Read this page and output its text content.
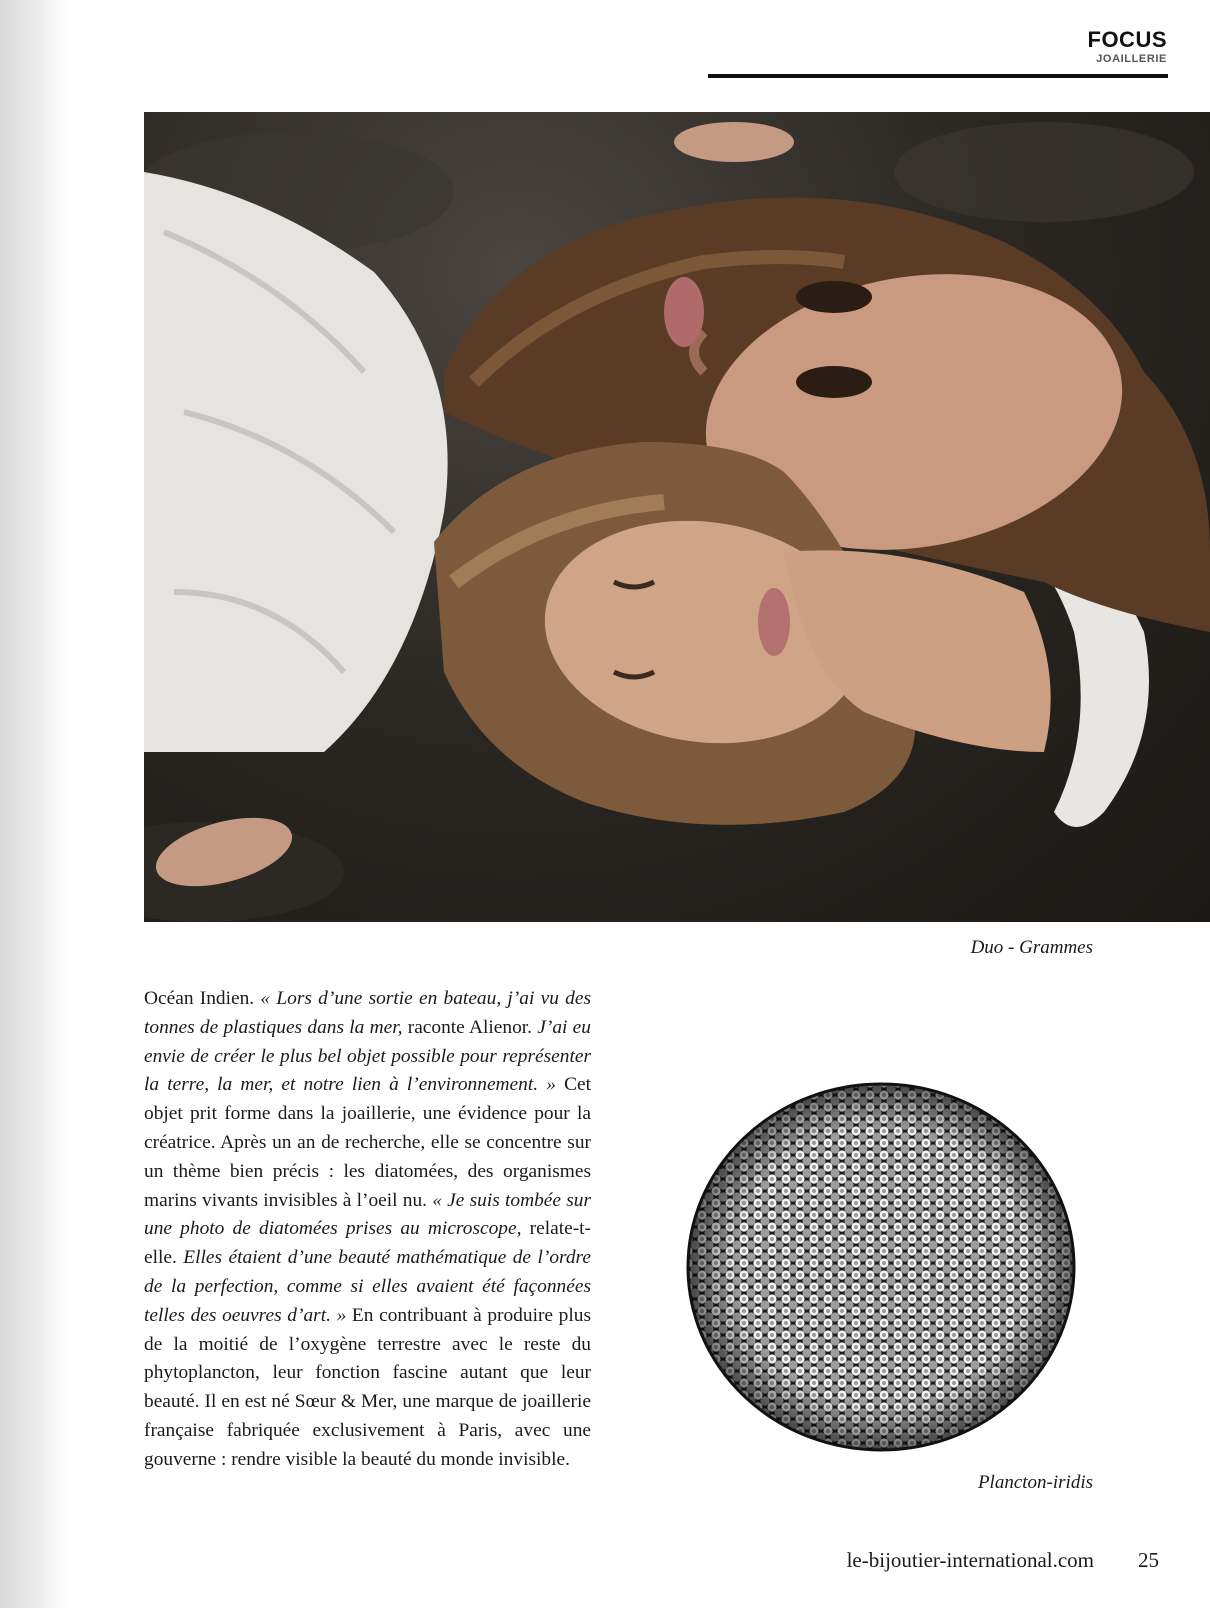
FOCUS
JOAILLERIE
Duo - Grammes
Océan Indien. « Lors d’une sortie en bateau, j’ai vu des tonnes de plastiques dans la mer, raconte Alienor. J’ai eu envie de créer le plus bel objet possible pour représenter la terre, la mer, et notre lien à l’environnement. » Cet objet prit forme dans la joaillerie, une évidence pour la créatrice. Après un an de recherche, elle se concentre sur un thème bien précis : les diatomées, des organismes marins vivants invisibles à l’oeil nu. « Je suis tombée sur une photo de diatomées prises au microscope, relate-t-elle. Elles étaient d’une beauté mathématique de l’ordre de la perfection, comme si elles avaient été façonnées telles des oeuvres d’art. » En contribuant à produire plus de la moitié de l’oxygène terrestre avec le reste du phytoplancton, leur fonction fascine autant que leur beauté. Il en est né Sœur & Mer, une marque de joaillerie française fabriquée exclusivement à Paris, avec une gouverne : rendre visible la beauté du monde invisible.
Plancton-iridis
le-bijoutier-international.com 25
